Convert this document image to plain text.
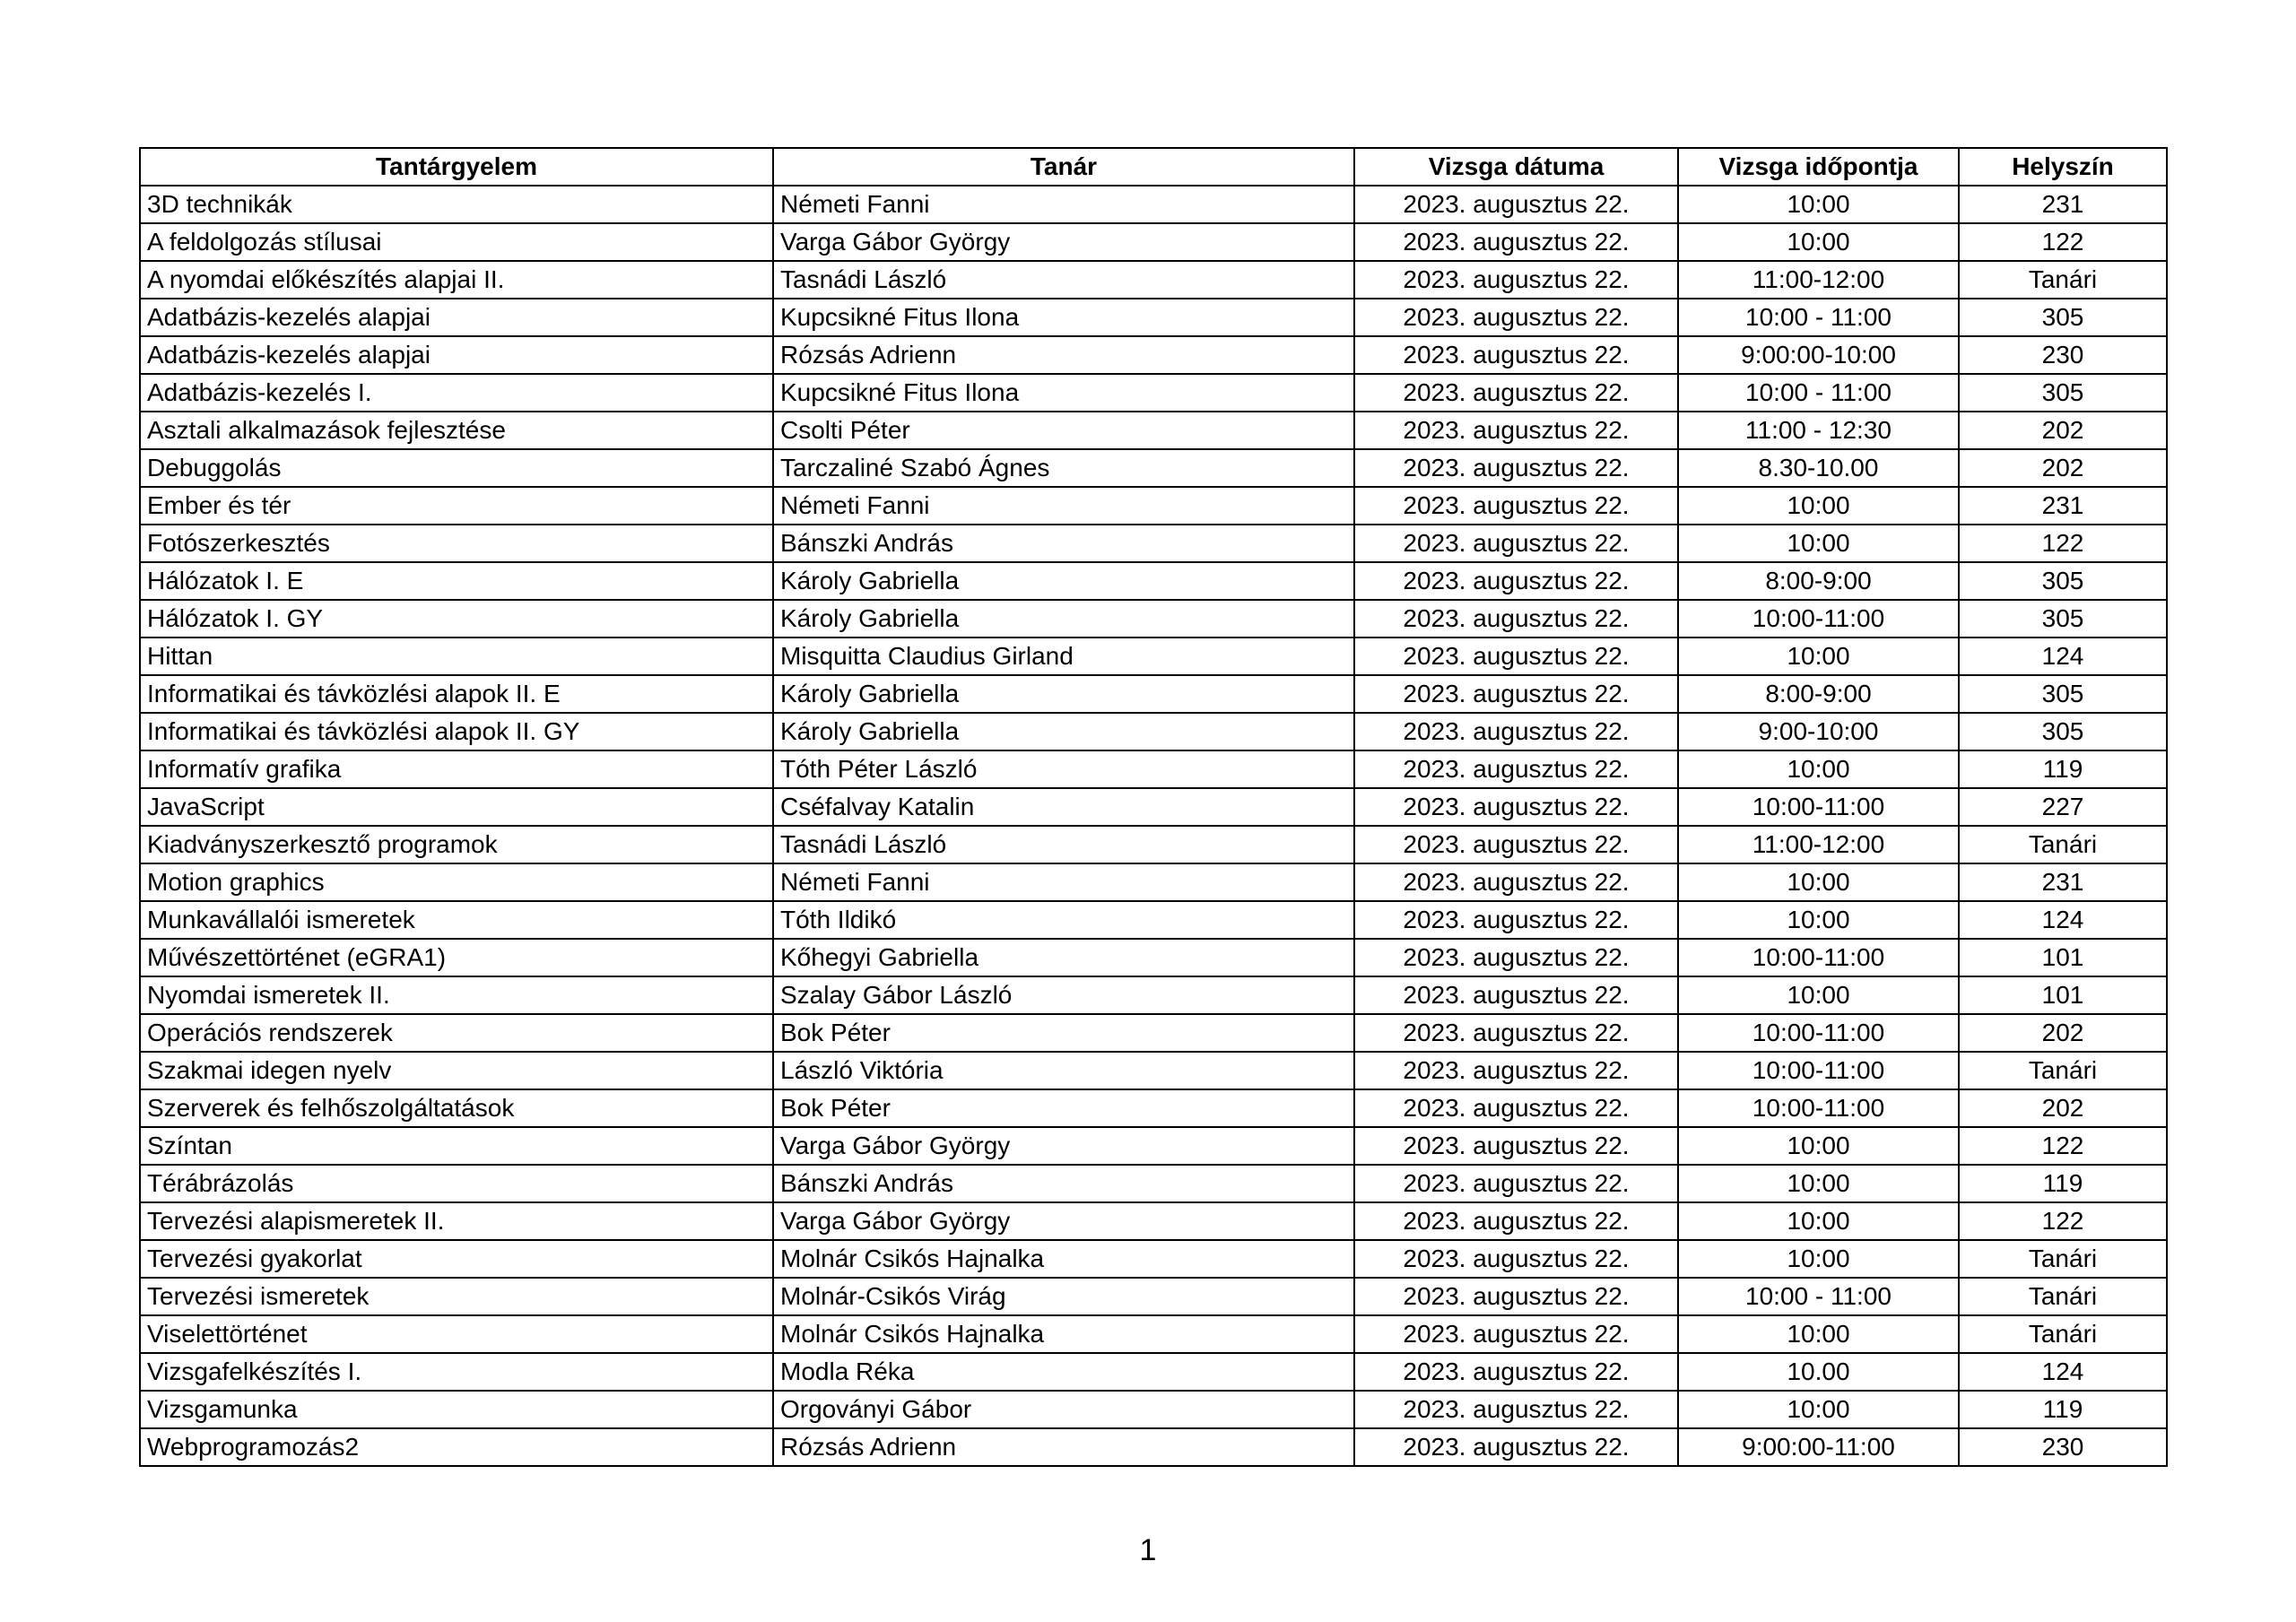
Tantárgyelem	Tanár	Vizsga dátuma	Vizsga időpontja	Helyszín
3D technikák	Németi Fanni	2023. augusztus 22.	10:00	231
A feldolgozás stílusai	Varga Gábor György	2023. augusztus 22.	10:00	122
A nyomdai előkészítés alapjai II.	Tasnádi László	2023. augusztus 22.	11:00-12:00	Tanári
Adatbázis-kezelés alapjai	Kupcsikné Fitus Ilona	2023. augusztus 22.	10:00 - 11:00	305
Adatbázis-kezelés alapjai	Rózsás Adrienn	2023. augusztus 22.	9:00:00-10:00	230
Adatbázis-kezelés I.	Kupcsikné Fitus Ilona	2023. augusztus 22.	10:00 - 11:00	305
Asztali alkalmazások fejlesztése	Csolti Péter	2023. augusztus 22.	11:00 - 12:30	202
Debuggolás	Tarczaliné Szabó Ágnes	2023. augusztus 22.	8.30-10.00	202
Ember és tér	Németi Fanni	2023. augusztus 22.	10:00	231
Fotószerkesztés	Bánszki András	2023. augusztus 22.	10:00	122
Hálózatok I. E	Károly Gabriella	2023. augusztus 22.	8:00-9:00	305
Hálózatok I. GY	Károly Gabriella	2023. augusztus 22.	10:00-11:00	305
Hittan	Misquitta Claudius Girland	2023. augusztus 22.	10:00	124
Informatikai és távközlési alapok II. E	Károly Gabriella	2023. augusztus 22.	8:00-9:00	305
Informatikai és távközlési alapok II. GY	Károly Gabriella	2023. augusztus 22.	9:00-10:00	305
Informatív grafika	Tóth Péter László	2023. augusztus 22.	10:00	119
JavaScript	Cséfalvay Katalin	2023. augusztus 22.	10:00-11:00	227
Kiadványszerkesztő programok	Tasnádi László	2023. augusztus 22.	11:00-12:00	Tanári
Motion graphics	Németi Fanni	2023. augusztus 22.	10:00	231
Munkavállalói ismeretek	Tóth Ildikó	2023. augusztus 22.	10:00	124
Művészettörténet (eGRA1)	Kőhegyi Gabriella	2023. augusztus 22.	10:00-11:00	101
Nyomdai ismeretek II.	Szalay Gábor László	2023. augusztus 22.	10:00	101
Operációs rendszerek	Bok Péter	2023. augusztus 22.	10:00-11:00	202
Szakmai idegen nyelv	László Viktória	2023. augusztus 22.	10:00-11:00	Tanári
Szerverek és felhőszolgáltatások	Bok Péter	2023. augusztus 22.	10:00-11:00	202
Színtan	Varga Gábor György	2023. augusztus 22.	10:00	122
Térábrázolás	Bánszki András	2023. augusztus 22.	10:00	119
Tervezési alapismeretek II.	Varga Gábor György	2023. augusztus 22.	10:00	122
Tervezési gyakorlat	Molnár Csikós Hajnalka	2023. augusztus 22.	10:00	Tanári
Tervezési ismeretek	Molnár-Csikós Virág	2023. augusztus 22.	10:00 - 11:00	Tanári
Viselettörténet	Molnár Csikós Hajnalka	2023. augusztus 22.	10:00	Tanári
Vizsgafelkészítés I.	Modla Réka	2023. augusztus 22.	10.00	124
Vizsgamunka	Orgoványi Gábor	2023. augusztus 22.	10:00	119
Webprogramozás2	Rózsás Adrienn	2023. augusztus 22.	9:00:00-11:00	230
1
